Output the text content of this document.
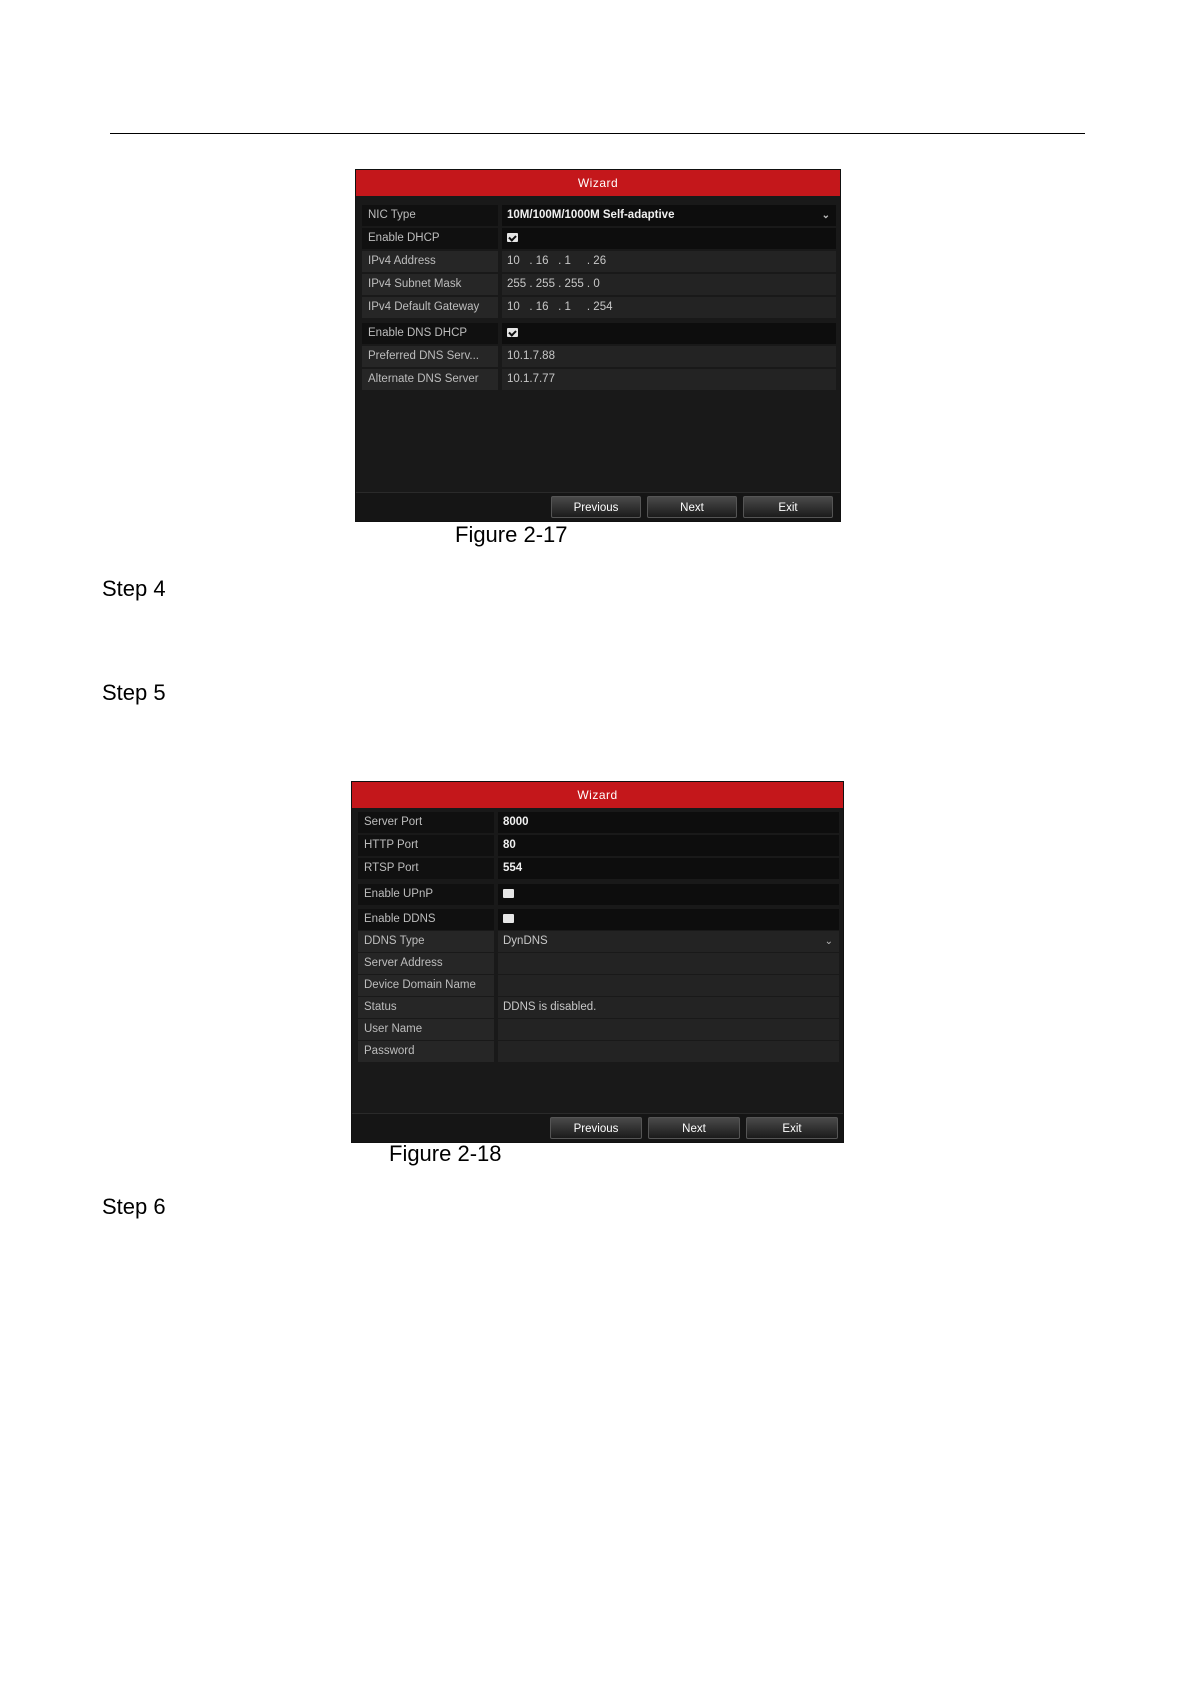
Wizard
NIC Type	10M/100M/1000M Self-adaptive	⌄
Enable DHCP
IPv4 Address	10   . 16   . 1     . 26
IPv4 Subnet Mask	255 . 255 . 255 . 0
IPv4 Default Gateway	10   . 16   . 1     . 254
Enable DNS DHCP
Preferred DNS Serv...	10.1.7.88
Alternate DNS Server	10.1.7.77
Previous	Next	Exit
Figure 2-17
Step 4
Step 5
Wizard
Server Port	8000
HTTP Port	80
RTSP Port	554
Enable UPnP
Enable DDNS
DDNS Type	DynDNS	⌄
Server Address
Device Domain Name
Status	DDNS is disabled.
User Name
Password
Previous	Next	Exit
Figure 2-18
Step 6
